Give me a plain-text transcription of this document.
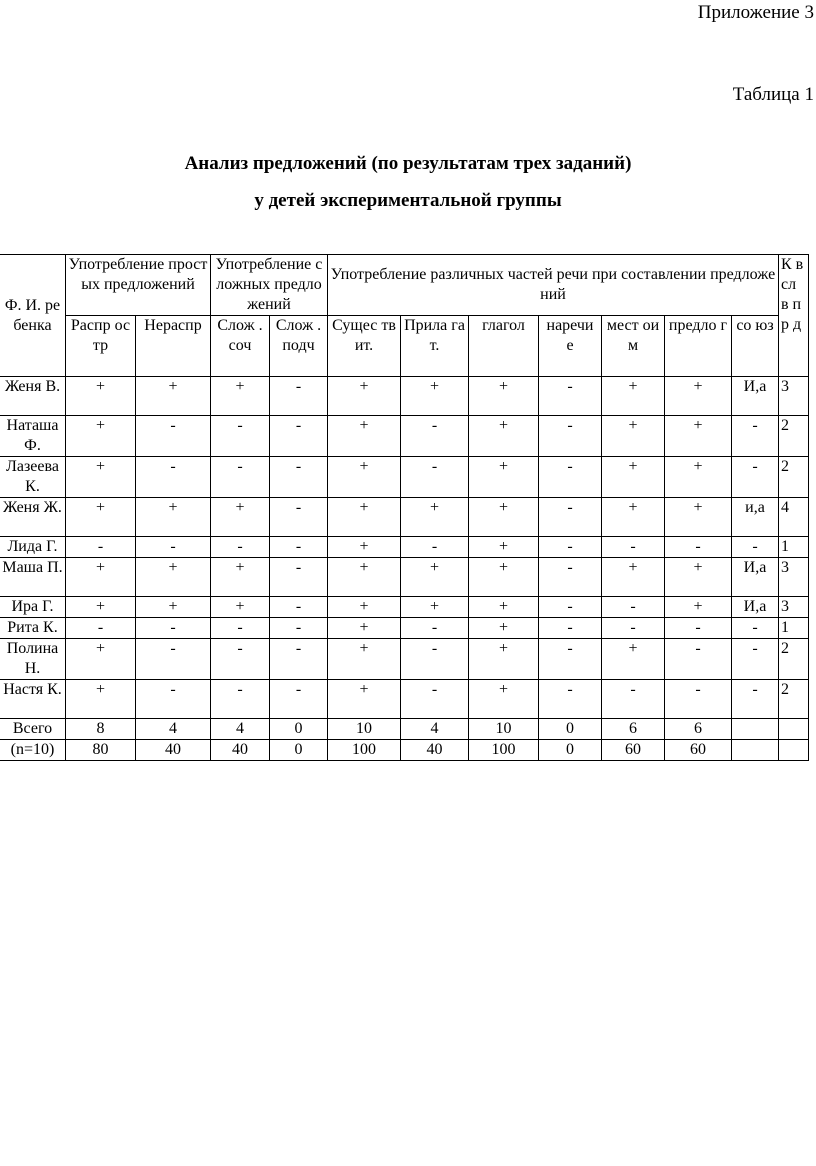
Приложение 3
Таблица 1
Анализ предложений (по результатам трех заданий)
у детей экспериментальной группы
Ф. И. ребенка	Употребление простых предложений		Употребление сложных предложений		Употребление различных частей речи при составлении предложений							К в сл в пр д
	Распр остр	Нераспр	Слож . соч	Слож . подч	Сущес твит.	Прила гат.	глагол	наречи е	мест оим	предло г	со юз	
Женя В.	+	+	+	-	+	+	+	-	+	+	И,а	3
Наташа Ф.	+	-	-	-	+	-	+	-	+	+	-	2
Лазеева К.	+	-	-	-	+	-	+	-	+	+	-	2
Женя Ж.	+	+	+	-	+	+	+	-	+	+	и,а	4
Лида Г.	-	-	-	-	+	-	+	-	-	-	-	1
Маша П.	+	+	+	-	+	+	+	-	+	+	И,а	3
Ира Г.	+	+	+	-	+	+	+	-	-	+	И,а	3
Рита К.	-	-	-	-	+	-	+	-	-	-	-	1
Полина Н.	+	-	-	-	+	-	+	-	+	-	-	2
Настя К.	+	-	-	-	+	-	+	-	-	-	-	2
Всего	8	4	4	0	10	4	10	0	6	6		
(n=10)	80	40	40	0	100	40	100	0	60	60		
